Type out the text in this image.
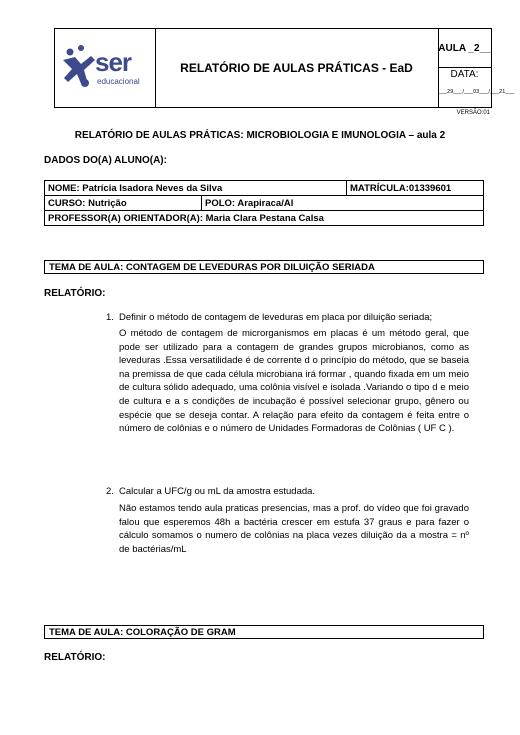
ser
educacional
RELATÓRIO DE AULAS PRÁTICAS - EaD
AULA _2__
DATA:
___29___/___03___/___21___
VERSÃO:01
RELATÓRIO DE AULAS PRÁTICAS: MICROBIOLOGIA E IMUNOLOGIA – aula 2
DADOS DO(A) ALUNO(A):
NOME: Patrícia Isadora Neves da Silva		MATRÍCULA:01339601
CURSO: Nutrição	POLO: Arapiraca/Al	
PROFESSOR(A) ORIENTADOR(A): Maria Clara Pestana Calsa		
TEMA DE AULA: CONTAGEM DE LEVEDURAS POR DILUIÇÃO SERIADA
RELATÓRIO:
1. Definir o método de contagem de leveduras em placa por diluição seriada;
O método de contagem de microrganismos em placas é um método geral, que pode ser utilizado para a contagem de grandes grupos microbianos, como as leveduras .Essa versatilidade é de corrente d o princípio do método, que se baseia na premissa de que cada célula microbiana irá formar , quando fixada em um meio de cultura sólido adequado, uma colônia visível e isolada .Variando o tipo d e meio de cultura e a s condições de incubação é possível selecionar grupo, gênero ou espécie que se deseja contar. A relação para efeito da contagem é feita entre o número de colônias e o número de Unidades Formadoras de Colônias ( UF C ).
2. Calcular a UFC/g ou mL da amostra estudada.
Não estamos tendo aula praticas presencias, mas a prof. do vídeo que foi gravado falou que esperemos 48h a bactéria crescer em estufa 37 graus e para fazer o cálculo somamos o numero de colônias na placa vezes diluição da a mostra = nº de bactérias/mL
TEMA DE AULA: COLORAÇÃO DE GRAM
RELATÓRIO:
